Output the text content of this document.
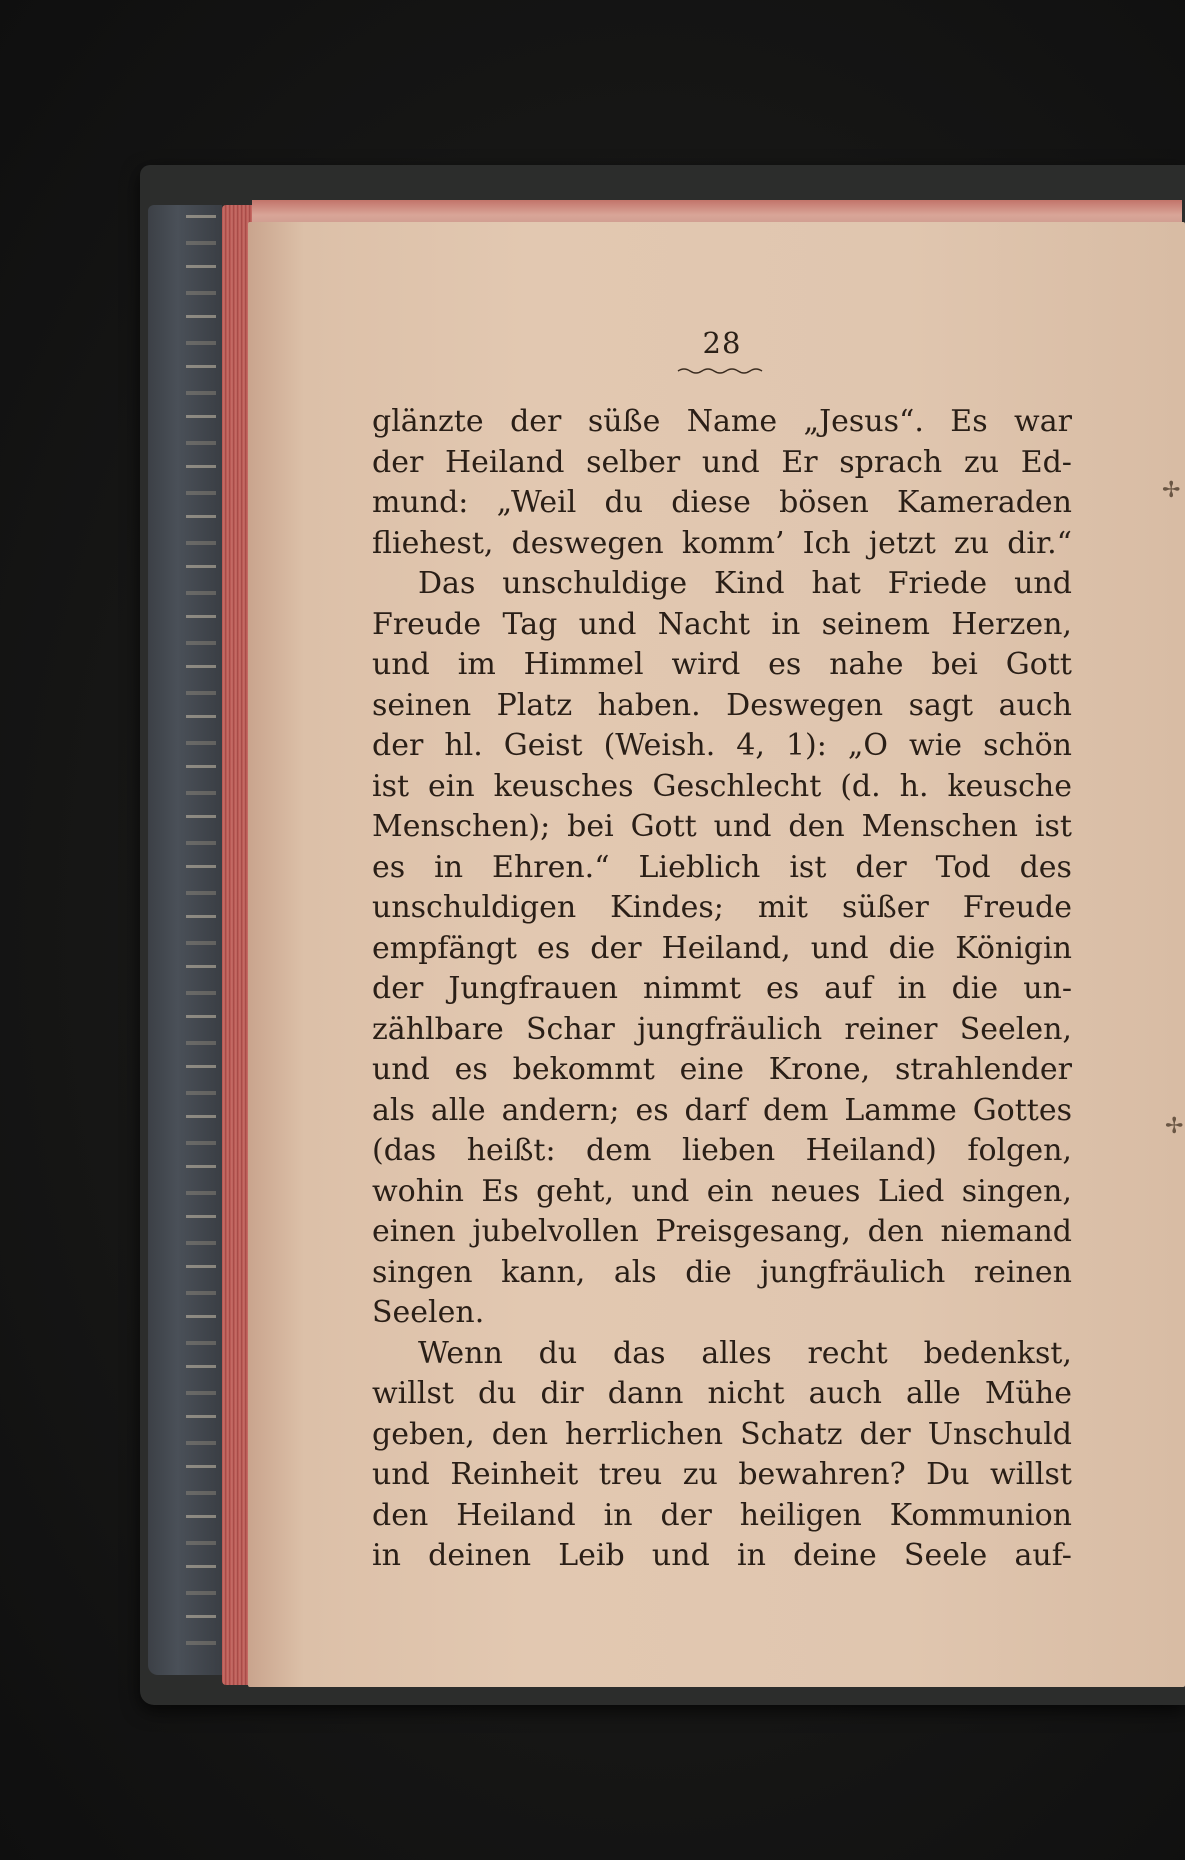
28
glänzte der süße Name „Jesus“. Es war
der Heiland selber und Er sprach zu Ed-
mund: „Weil du diese bösen Kameraden
fliehest, deswegen komm’ Ich jetzt zu dir.“
Das unschuldige Kind hat Friede und
Freude Tag und Nacht in seinem Herzen,
und im Himmel wird es nahe bei Gott
seinen Platz haben. Deswegen sagt auch
der hl. Geist (Weish. 4, 1): „O wie schön
ist ein keusches Geschlecht (d. h. keusche
Menschen); bei Gott und den Menschen ist
es in Ehren.“ Lieblich ist der Tod des
unschuldigen Kindes; mit süßer Freude
empfängt es der Heiland, und die Königin
der Jungfrauen nimmt es auf in die un-
zählbare Schar jungfräulich reiner Seelen,
und es bekommt eine Krone, strahlender
als alle andern; es darf dem Lamme Gottes
(das heißt: dem lieben Heiland) folgen,
wohin Es geht, und ein neues Lied singen,
einen jubelvollen Preisgesang, den niemand
singen kann, als die jungfräulich reinen
Seelen.
Wenn du das alles recht bedenkst,
willst du dir dann nicht auch alle Mühe
geben, den herrlichen Schatz der Unschuld
und Reinheit treu zu bewahren? Du willst
den Heiland in der heiligen Kommunion
in deinen Leib und in deine Seele auf-
✢
✢
